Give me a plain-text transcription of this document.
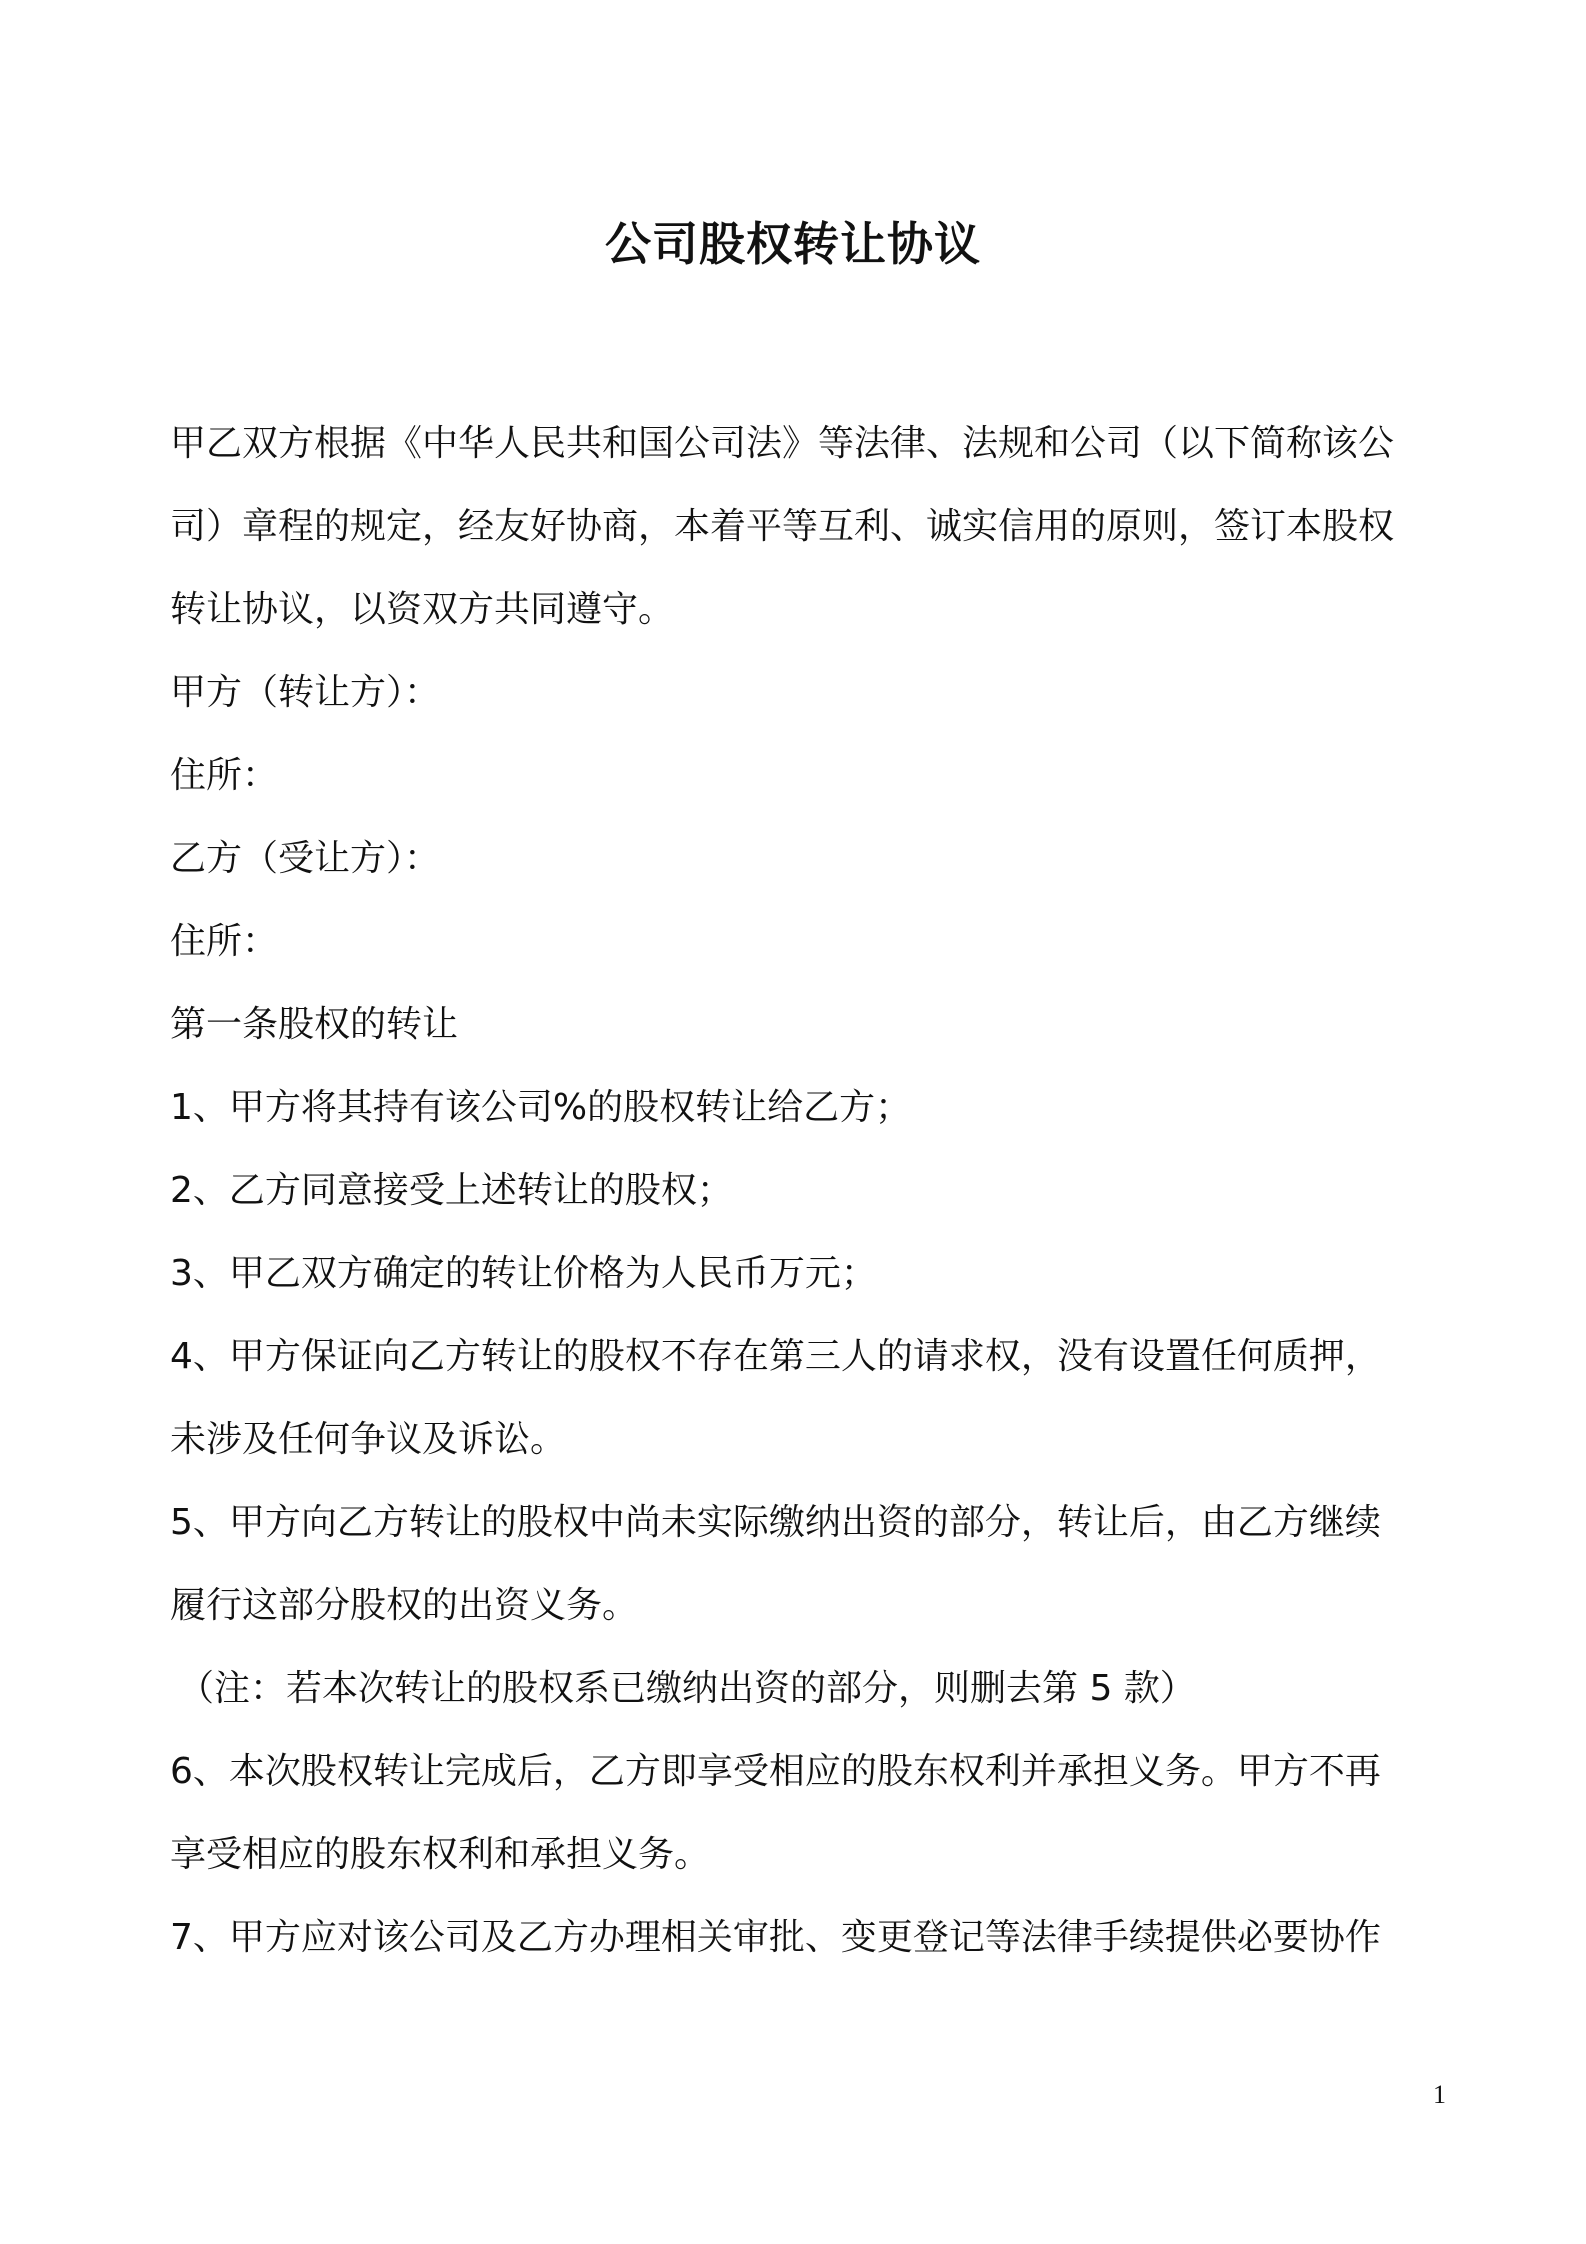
公司股权转让协议
甲乙双方根据《中华人民共和国公司法》等法律、法规和公司（以下简称该公
司）章程的规定，经友好协商，本着平等互利、诚实信用的原则，签订本股权
转让协议，以资双方共同遵守。
甲方（转让方）：
住所：
乙方（受让方）：
住所：
第一条股权的转让
1、甲方将其持有该公司%的股权转让给乙方；
2、乙方同意接受上述转让的股权；
3、甲乙双方确定的转让价格为人民币万元；
4、甲方保证向乙方转让的股权不存在第三人的请求权，没有设置任何质押，
未涉及任何争议及诉讼。
5、甲方向乙方转让的股权中尚未实际缴纳出资的部分，转让后，由乙方继续
履行这部分股权的出资义务。
（注：若本次转让的股权系已缴纳出资的部分，则删去第 5 款）
6、本次股权转让完成后，乙方即享受相应的股东权利并承担义务。甲方不再
享受相应的股东权利和承担义务。
7、甲方应对该公司及乙方办理相关审批、变更登记等法律手续提供必要协作
1
